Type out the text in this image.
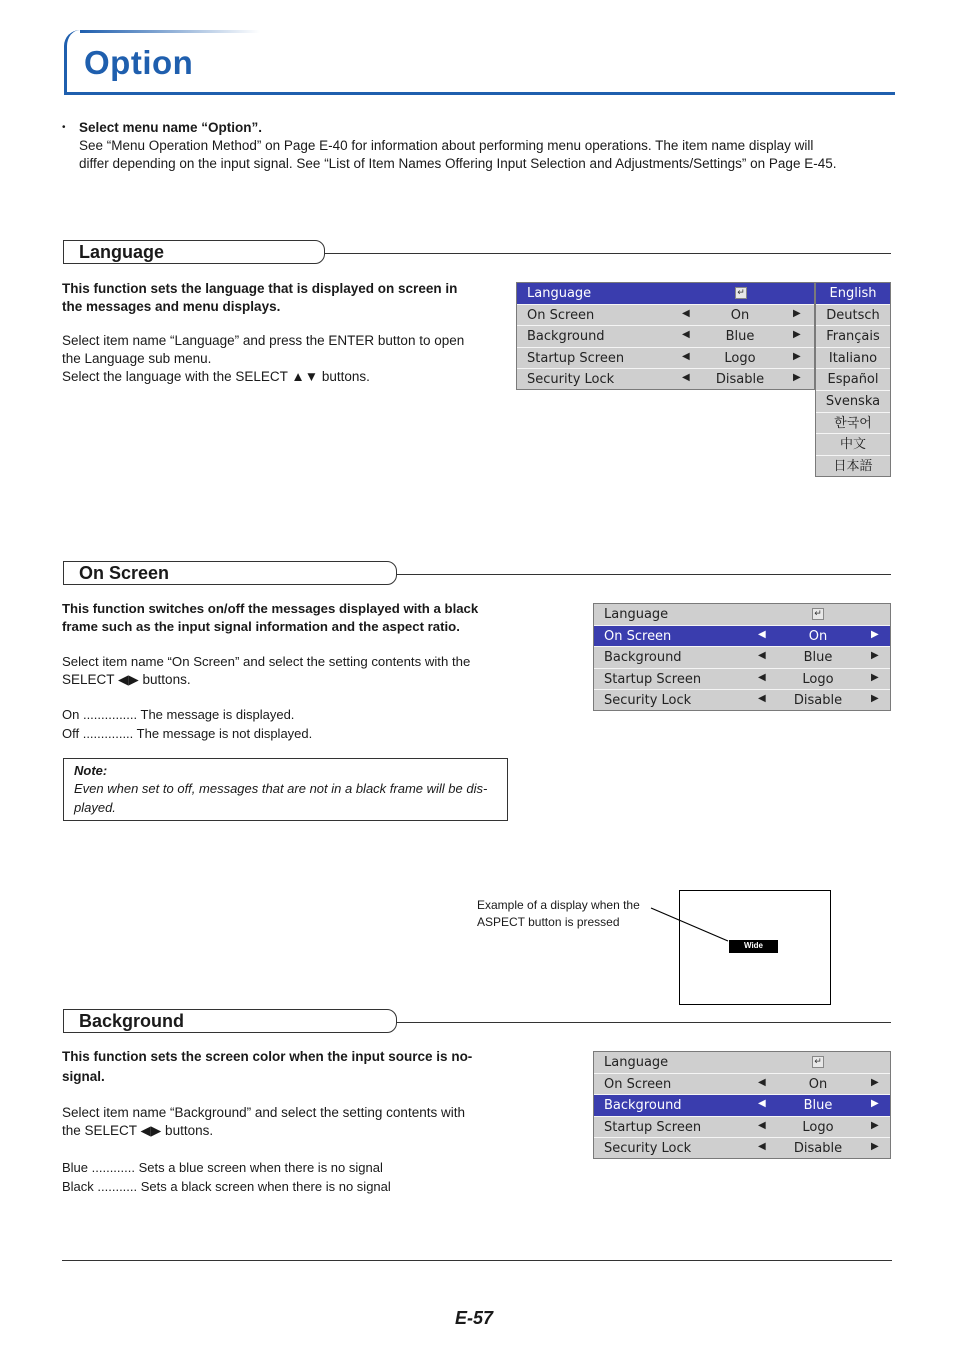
Option
• Select menu name “Option”.
See “Menu Operation Method” on Page E-40 for information about performing menu operations. The item name display will
differ depending on the input signal. See “List of Item Names Offering Input Selection and Adjustments/Settings” on Page E-45.
Language
This function sets the language that is displayed on screen in
the messages and menu displays.
Select item name “Language” and press the ENTER button to open
the Language sub menu.
Select the language with the SELECT ▲▼ buttons.
Language	↵
On Screen	◀	On	▶
Background	◀	Blue	▶
Startup Screen	◀	Logo	▶
Security Lock	◀	Disable	▶
English
Deutsch
Français
Italiano
Español
Svenska
한국어
中文
日本語
On Screen
This function switches on/off the messages displayed with a black
frame such as the input signal information and the aspect ratio.
Select item name “On Screen” and select the setting contents with the
SELECT ◀▶ buttons.
On ............... The message is displayed.
Off .............. The message is not displayed.
Note:
Even when set to off, messages that are not in a black frame will be dis-
played.
Language	↵
On Screen	◀	On	▶
Background	◀	Blue	▶
Startup Screen	◀	Logo	▶
Security Lock	◀	Disable	▶
Example of a display when the
ASPECT button is pressed
Wide
Background
This function sets the screen color when the input source is no-
signal.
Select item name “Background” and select the setting contents with
the SELECT ◀▶ buttons.
Blue ............ Sets a blue screen when there is no signal
Black ........... Sets a black screen when there is no signal
Language	↵
On Screen	◀	On	▶
Background	◀	Blue	▶
Startup Screen	◀	Logo	▶
Security Lock	◀	Disable	▶
E-57
